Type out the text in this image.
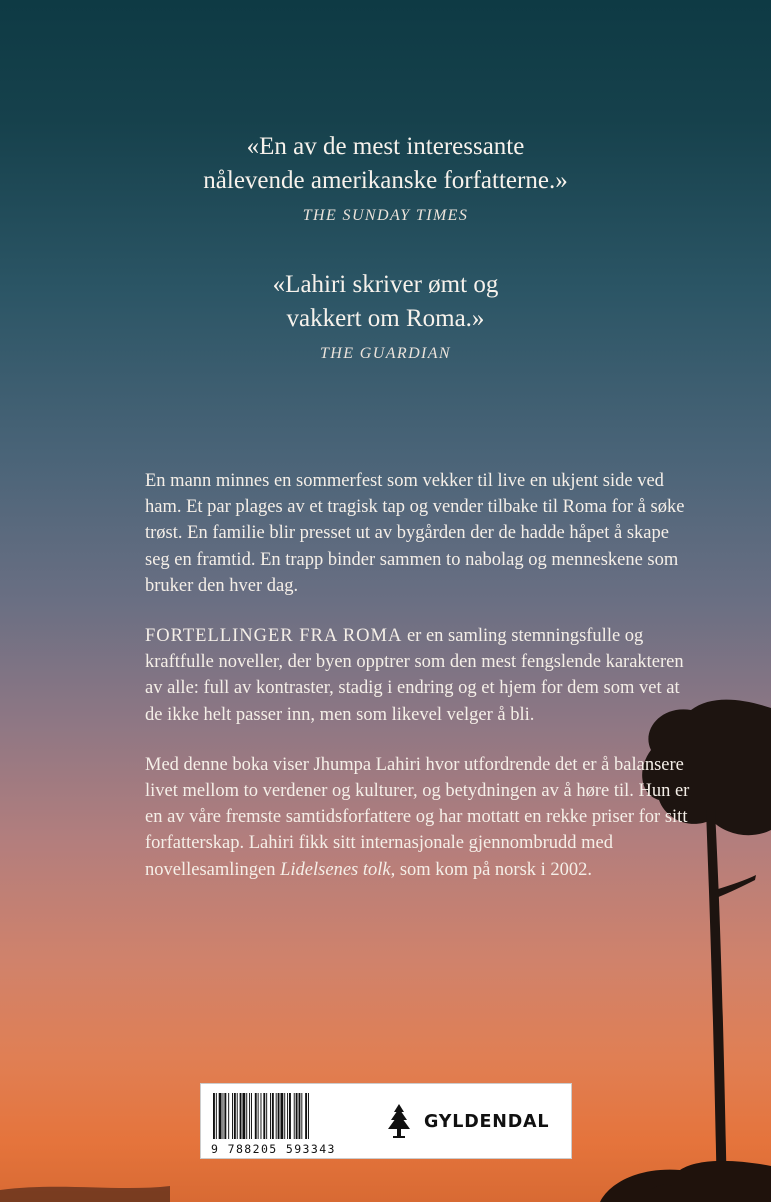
«En av de mest interessante
nålevende amerikanske forfatterne.»

THE SUNDAY TIMES

«Lahiri skriver ømt og
vakkert om Roma.»

THE GUARDIAN

En mann minnes en sommerfest som vekker til live en ukjent side ved ham. Et par plages av et tragisk tap og vender tilbake til Roma for å søke trøst. En familie blir presset ut av bygården der de hadde håpet å skape seg en framtid. En trapp binder sammen to nabolag og menneskene som bruker den hver dag.

FORTELLINGER FRA ROMA er en samling stemningsfulle og kraftfulle noveller, der byen opptrer som den mest fengslende karakteren av alle: full av kontraster, stadig i endring og et hjem for dem som vet at de ikke helt passer inn, men som likevel velger å bli.

Med denne boka viser Jhumpa Lahiri hvor utfordrende det er å balansere livet mellom to verdener og kulturer, og betydningen av å høre til. Hun er en av våre fremste samtidsforfattere og har mottatt en rekke priser for sitt forfatterskap. Lahiri fikk sitt internasjonale gjennombrudd med novellesamlingen Lidelsenes tolk, som kom på norsk i 2002.

9 788205 593343
GYLDENDAL
